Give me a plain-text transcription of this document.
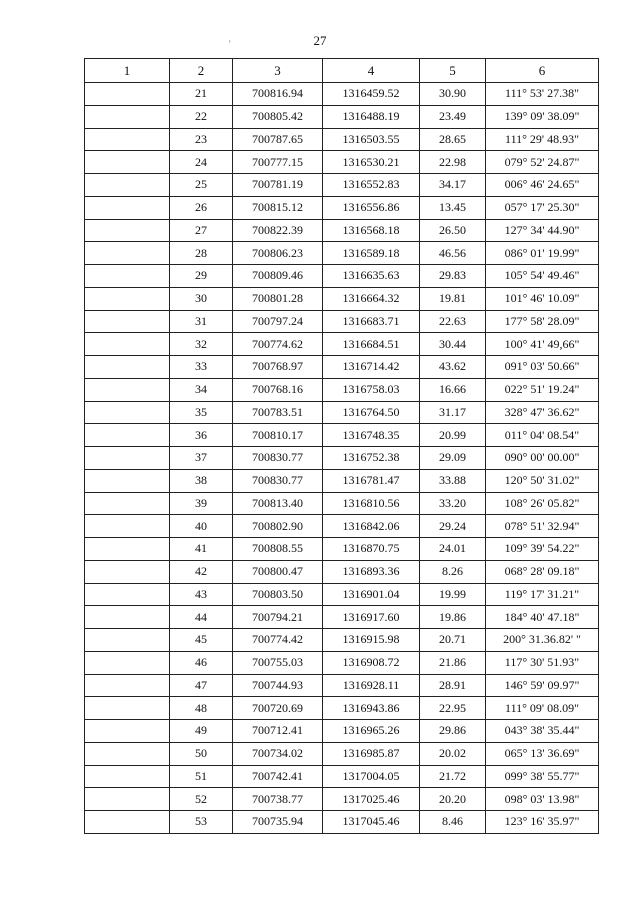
27
'
1	2	3	4	5	6
	21	700816.94	1316459.52	30.90	111° 53' 27.38"
	22	700805.42	1316488.19	23.49	139° 09' 38.09"
	23	700787.65	1316503.55	28.65	111° 29' 48.93"
	24	700777.15	1316530.21	22.98	079° 52' 24.87"
	25	700781.19	1316552.83	34.17	006° 46' 24.65"
	26	700815.12	1316556.86	13.45	057° 17' 25.30"
	27	700822.39	1316568.18	26.50	127° 34' 44.90"
	28	700806.23	1316589.18	46.56	086° 01' 19.99"
	29	700809.46	1316635.63	29.83	105° 54' 49.46"
	30	700801.28	1316664.32	19.81	101° 46' 10.09"
	31	700797.24	1316683.71	22.63	177° 58' 28.09"
	32	700774.62	1316684.51	30.44	100° 41' 49,66"
	33	700768.97	1316714.42	43.62	091° 03' 50.66"
	34	700768.16	1316758.03	16.66	022° 51' 19.24"
	35	700783.51	1316764.50	31.17	328° 47' 36.62"
	36	700810.17	1316748.35	20.99	011° 04' 08.54"
	37	700830.77	1316752.38	29.09	090° 00' 00.00"
	38	700830.77	1316781.47	33.88	120° 50' 31.02"
	39	700813.40	1316810.56	33.20	108° 26' 05.82"
	40	700802.90	1316842.06	29.24	078° 51' 32.94"
	41	700808.55	1316870.75	24.01	109° 39' 54.22"
	42	700800.47	1316893.36	8.26	068° 28' 09.18"
	43	700803.50	1316901.04	19.99	119° 17' 31.21"
	44	700794.21	1316917.60	19.86	184° 40' 47.18"
	45	700774.42	1316915.98	20.71	200° 31.36.82' "
	46	700755.03	1316908.72	21.86	117° 30' 51.93"
	47	700744.93	1316928.11	28.91	146° 59' 09.97"
	48	700720.69	1316943.86	22.95	111° 09' 08.09"
	49	700712.41	1316965.26	29.86	043° 38' 35.44"
	50	700734.02	1316985.87	20.02	065° 13' 36.69"
	51	700742.41	1317004.05	21.72	099° 38' 55.77"
	52	700738.77	1317025.46	20.20	098° 03' 13.98"
	53	700735.94	1317045.46	8.46	123° 16' 35.97"
